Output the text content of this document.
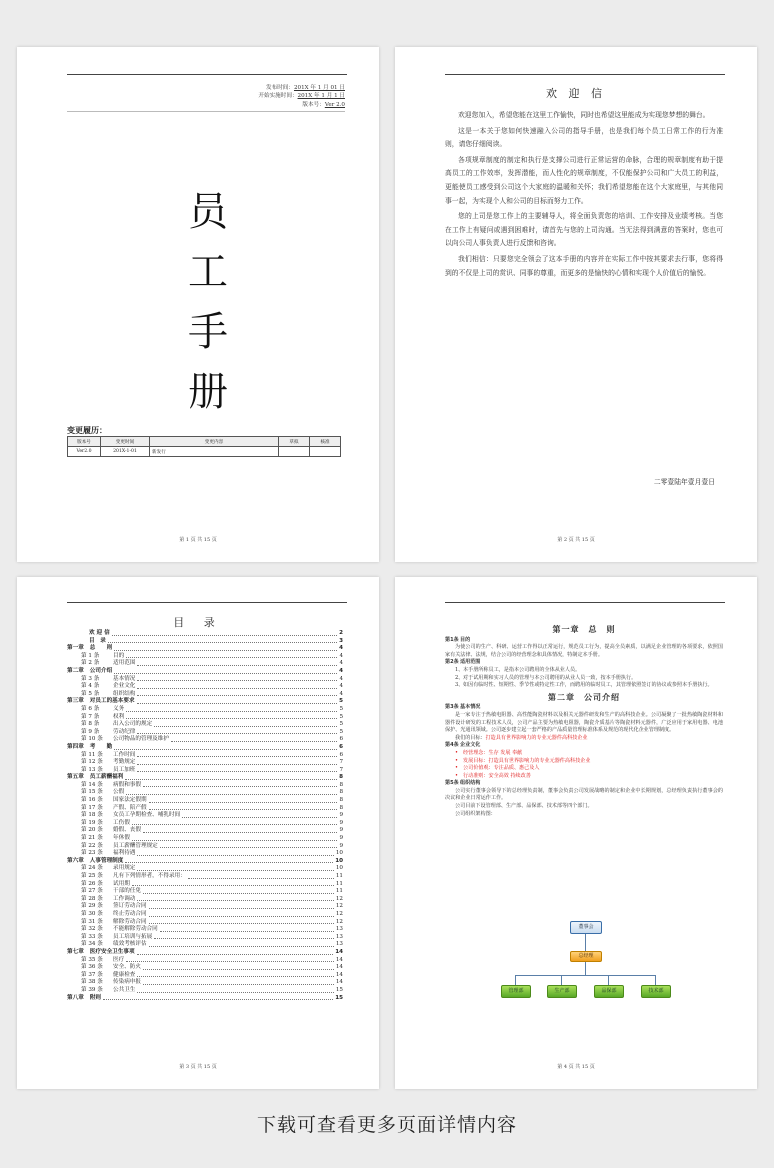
发布时间：201X 年 1 月 01 日
开始实施时间：201X 年 1 月 1 日
版本号：Ver 2.0
员
工
手
册
变更履历：
版本号	变更时间	变更内容	草拟	核准
Ver2.0	201X-1-01	新发行		
第 1 页 共 15 页
欢 迎 信

欢迎您加入，希望您能在这里工作愉快，同时也希望这里能成为实现您梦想的舞台。

这是一本关于您如何快速融入公司的指导手册，也是我们每个员工日常工作的行为准则，请您仔细阅读。

各项规章制度的制定和执行是支撑公司进行正常运营的命脉，合理的规章制度有助于提高员工的工作效率，发挥潜能，而人性化的规章制度，不仅能保护公司和广大员工的利益，更能使员工感受到公司这个大家庭的温暖和关怀；我们希望您能在这个大家庭里，与其他同事一起，为实现个人和公司的目标而努力工作。

您的上司是您工作上的主要辅导人，将全面负责您的培训、工作安排及业绩考核。当您在工作上有疑问或遇到困难时，请首先与您的上司沟通。当无法得到满意的答案时，您也可以向公司人事负责人进行反馈和咨询。

我们相信：只要您完全领会了这本手册的内容并在实际工作中按其要求去行事，您将得到的不仅是上司的赏识、同事的尊重，而更多的是愉快的心情和实现个人价值后的愉悦。

二零壹陆年壹月壹日
第 2 页 共 15 页
目 录
欢 迎 信	2
目　录	3
第一章	总　　则	4
第 1 条	目的	4
第 2 条	适用范围	4
第二章	公司介绍	4
第 3 条	基本情况	4
第 4 条	企业文化	4
第 5 条	组织结构	4
第三章	对员工的基本要求	5
第 6 条	义务	5
第 7 条	权利	5
第 8 条	出入公司的规定	5
第 9 条	劳动纪律	5
第 10 条	公司物品的管理及维护	6
第四章	考　　勤	6
第 11 条	工作时间	6
第 12 条	考勤规定	7
第 13 条	员工加班	7
第五章	员工薪酬福利	8
第 14 条	病假和事假	8
第 15 条	公假	8
第 16 条	国家法定假期	8
第 17 条	产假、陪产假	8
第 18 条	女员工孕期检查、哺乳时间	9
第 19 条	工伤假	9
第 20 条	婚假、丧假	9
第 21 条	年休假	9
第 22 条	员工薪酬管理规定	9
第 23 条	福利待遇	10
第六章	人事管理制度	10
第 24 条	录用规定	10
第 25 条	凡有下列情形者，不得录用：	11
第 26 条	试用期	11
第 27 条	干部的任免	11
第 28 条	工作调动	12
第 29 条	签订劳动合同	12
第 30 条	终止劳动合同	12
第 31 条	解除劳动合同	12
第 32 条	不能解除劳动合同	13
第 33 条	员工培训与拓展	13
第 34 条	绩效考核评估	13
第七章	医疗安全卫生事项	14
第 35 条	医疗	14
第 36 条	安全、防火	14
第 37 条	健康检查	14
第 38 条	传染病申报	14
第 39 条	公共卫生	15
第八章	附则	15
第 3 页 共 15 页
第一章　总　则
第1条目的

为使公司的生产、科研、运营工作得以正常运行，规范员工行为，提高全员素质，以满足企业管理的各项要求，依照国家有关法律、法规，结合公司的经营理念和具体情况，特制定本手册。

第2条适用范围

1、 本手册所称员工，是指本公司聘用的全体从业人员。

2、 对于试用期和实习人员的管理与本公司聘用的从业人员一致，按本手册执行。

3、 如因有临时性、短期性、季节性或特定性工作，而聘用的临时员工，其管理依照签订的协议或参照本手册执行。

第二章　公司介绍
第3条基本情况

是一家专注于热敏电阻器、高性能陶瓷材料以及相关元器件研发和生产的高科技企业。公司凝聚了一批热敏陶瓷材料和器件设计研发的工程技术人员，公司产品主要为热敏电阻器，陶瓷介质基片等陶瓷材料元器件，广泛应用于家用电器、电池保护、光通讯领域。公司逐步建立起一套严格的产品质量管理标准体系及规范的现代化企业管理制度。

我们的目标：打造具有世界影响力的专业元器件高科技企业

第4条企业文化
• 经营理念：生存 发展 奉献
• 发展目标：打造具有世界影响力的专业元器件高科技企业
• 公司价值观：专注品质、惠己及人
• 行动准则：安全高效 持续改善
第5条组织结构

公司实行董事会领导下的总经理负责制，董事会负责公司发展战略的制定和企业中长期规划，总经理负责执行董事会的决议和企业日常运作工作。

公司目前下设管理部、生产部、品保部、技术部等四个部门。

公司组织架构图：

董事会
总经理
管理部	生产部	品保部	技术部
第 4 页 共 15 页
下载可查看更多页面详情内容
